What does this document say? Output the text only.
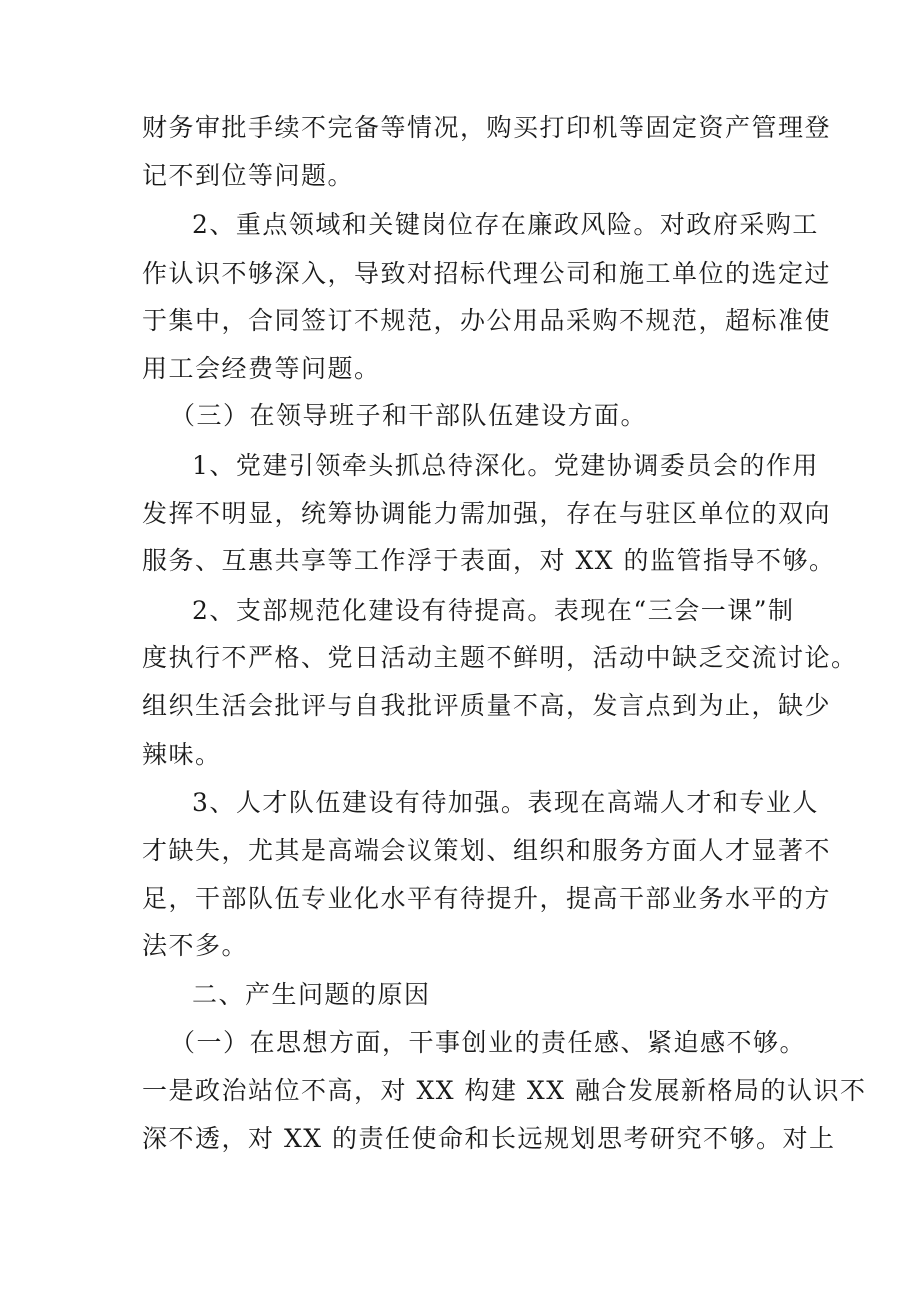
财务审批手续不完备等情况，购买打印机等固定资产管理登
记不到位等问题。
2、重点领域和关键岗位存在廉政风险。对政府采购工
作认识不够深入，导致对招标代理公司和施工单位的选定过
于集中，合同签订不规范，办公用品采购不规范，超标准使
用工会经费等问题。
（三）在领导班子和干部队伍建设方面。
1、党建引领牵头抓总待深化。党建协调委员会的作用
发挥不明显，统筹协调能力需加强，存在与驻区单位的双向
服务、互惠共享等工作浮于表面，对 XX 的监管指导不够。
2、支部规范化建设有待提高。表现在“三会一课”制
度执行不严格、党日活动主题不鲜明，活动中缺乏交流讨论。
组织生活会批评与自我批评质量不高，发言点到为止，缺少
辣味。
3、人才队伍建设有待加强。表现在高端人才和专业人
才缺失，尤其是高端会议策划、组织和服务方面人才显著不
足，干部队伍专业化水平有待提升，提高干部业务水平的方
法不多。
二、产生问题的原因
（一）在思想方面，干事创业的责任感、紧迫感不够。
一是政治站位不高，对 XX 构建 XX 融合发展新格局的认识不
深不透，对 XX 的责任使命和长远规划思考研究不够。对上
